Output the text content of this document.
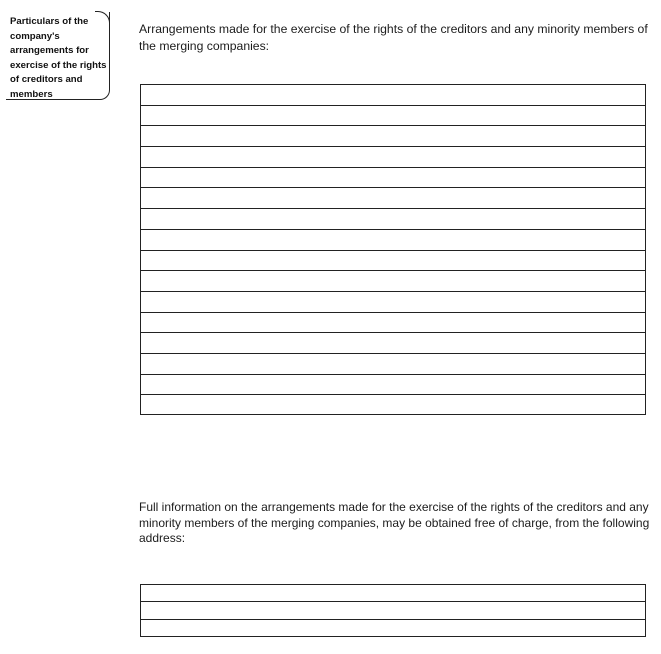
Particulars of the company's arrangements for exercise of the rights of creditors and members
Arrangements made for the exercise of the rights of the creditors and any minority members of the merging companies:
Full information on the arrangements made for the exercise of the rights of the creditors and any minority members of the merging companies, may be obtained free of charge, from the following address:
